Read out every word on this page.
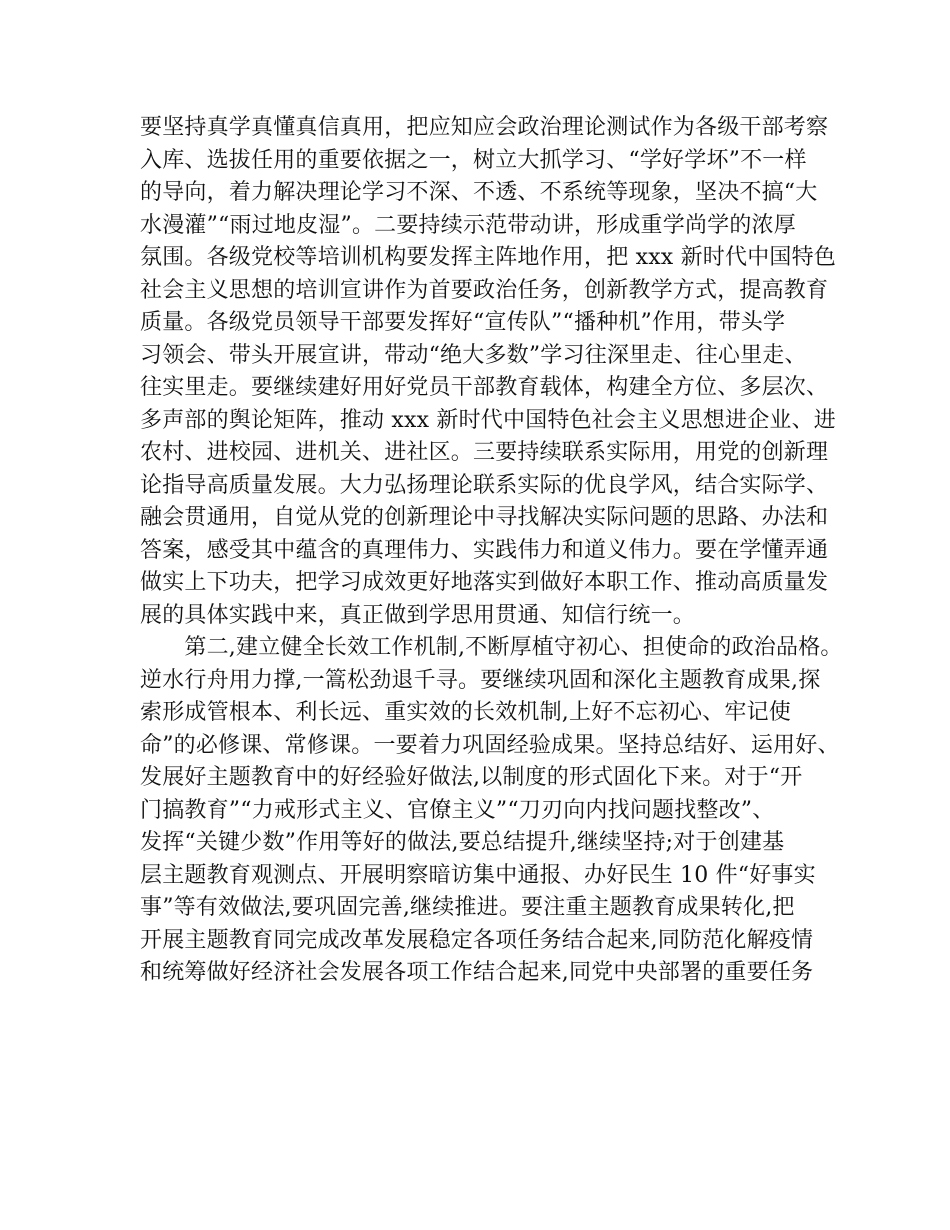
要坚持真学真懂真信真用，把应知应会政治理论测试作为各级干部考察
入库、选拔任用的重要依据之一，树立大抓学习、“学好学坏”不一样
的导向，着力解决理论学习不深、不透、不系统等现象，坚决不搞“大
水漫灌”“雨过地皮湿”。二要持续示范带动讲，形成重学尚学的浓厚
氛围。各级党校等培训机构要发挥主阵地作用，把 xxx 新时代中国特色
社会主义思想的培训宣讲作为首要政治任务，创新教学方式，提高教育
质量。各级党员领导干部要发挥好“宣传队”“播种机”作用，带头学
习领会、带头开展宣讲，带动“绝大多数”学习往深里走、往心里走、
往实里走。要继续建好用好党员干部教育载体，构建全方位、多层次、
多声部的舆论矩阵，推动 xxx 新时代中国特色社会主义思想进企业、进
农村、进校园、进机关、进社区。三要持续联系实际用，用党的创新理
论指导高质量发展。大力弘扬理论联系实际的优良学风，结合实际学、
融会贯通用，自觉从党的创新理论中寻找解决实际问题的思路、办法和
答案，感受其中蕴含的真理伟力、实践伟力和道义伟力。要在学懂弄通
做实上下功夫，把学习成效更好地落实到做好本职工作、推动高质量发
展的具体实践中来，真正做到学思用贯通、知信行统一。
　　第二,建立健全长效工作机制,不断厚植守初心、担使命的政治品格。
逆水行舟用力撑,一篙松劲退千寻。要继续巩固和深化主题教育成果,探
索形成管根本、利长远、重实效的长效机制,上好不忘初心、牢记使
命”的必修课、常修课。一要着力巩固经验成果。坚持总结好、运用好、
发展好主题教育中的好经验好做法,以制度的形式固化下来。对于“开
门搞教育”“力戒形式主义、官僚主义”“刀刃向内找问题找整改”、
发挥“关键少数”作用等好的做法,要总结提升,继续坚持;对于创建基
层主题教育观测点、开展明察暗访集中通报、办好民生 10 件“好事实
事”等有效做法,要巩固完善,继续推进。要注重主题教育成果转化,把
开展主题教育同完成改革发展稳定各项任务结合起来,同防范化解疫情
和统筹做好经济社会发展各项工作结合起来,同党中央部署的重要任务
